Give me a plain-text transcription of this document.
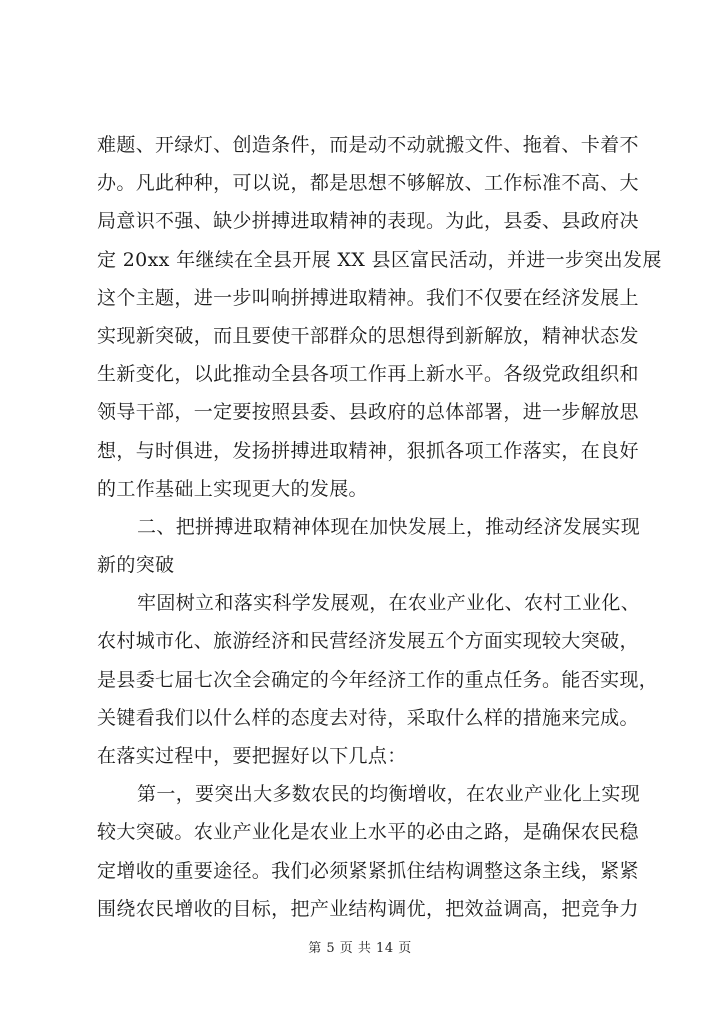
难题、开绿灯、创造条件，而是动不动就搬文件、拖着、卡着不
办。凡此种种，可以说，都是思想不够解放、工作标准不高、大
局意识不强、缺少拼搏进取精神的表现。为此，县委、县政府决
定 20xx 年继续在全县开展 XX 县区富民活动，并进一步突出发展
这个主题，进一步叫响拼搏进取精神。我们不仅要在经济发展上
实现新突破，而且要使干部群众的思想得到新解放，精神状态发
生新变化，以此推动全县各项工作再上新水平。各级党政组织和
领导干部，一定要按照县委、县政府的总体部署，进一步解放思
想，与时俱进，发扬拼搏进取精神，狠抓各项工作落实，在良好
的工作基础上实现更大的发展。
二、把拼搏进取精神体现在加快发展上，推动经济发展实现
新的突破
牢固树立和落实科学发展观，在农业产业化、农村工业化、
农村城市化、旅游经济和民营经济发展五个方面实现较大突破，
是县委七届七次全会确定的今年经济工作的重点任务。能否实现，
关键看我们以什么样的态度去对待，采取什么样的措施来完成。
在落实过程中，要把握好以下几点：
第一，要突出大多数农民的均衡增收，在农业产业化上实现
较大突破。农业产业化是农业上水平的必由之路，是确保农民稳
定增收的重要途径。我们必须紧紧抓住结构调整这条主线，紧紧
围绕农民增收的目标，把产业结构调优，把效益调高，把竞争力
第 5 页 共 14 页
